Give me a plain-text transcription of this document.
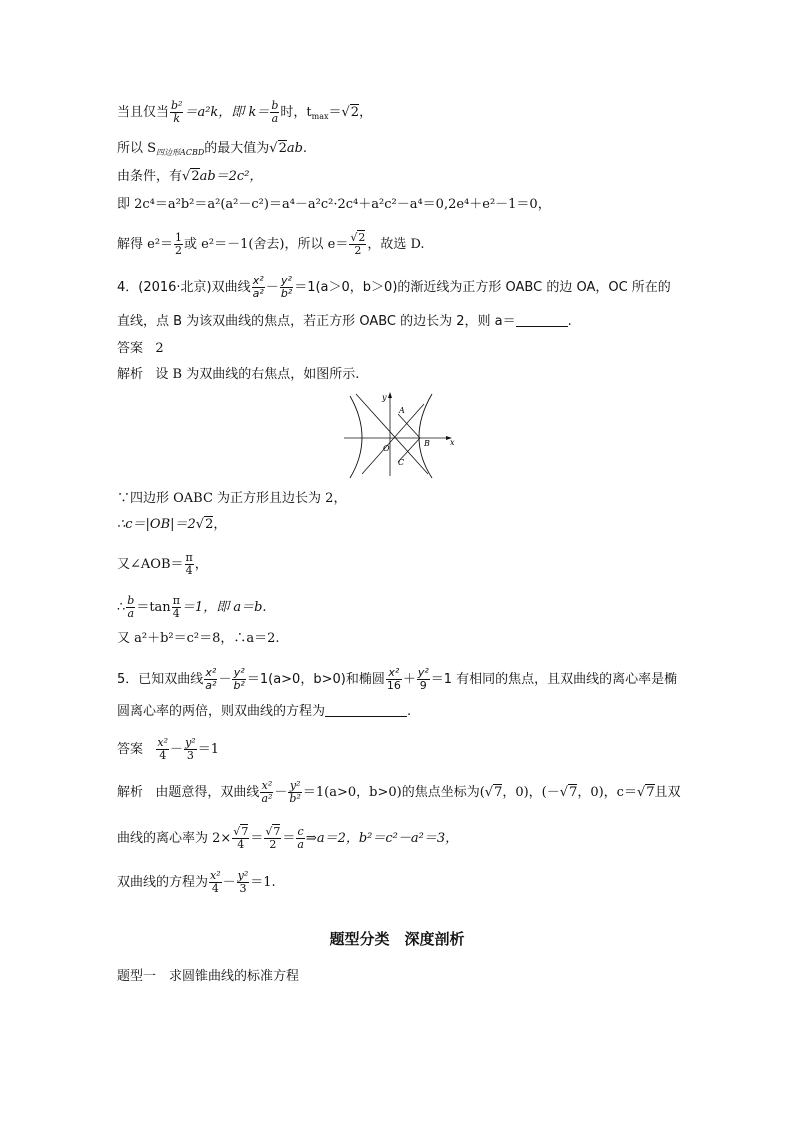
当且仅当 $\frac{\text{b²}}{k} =a^2k$，即 $k= \frac{b}{a}$ 时，$t_{max}=√2$，
所以 $S_{四边形ACBD}$的最大值为√2ab.
由条件，有√2ab＝2c²，
即 2c⁴＝a²b²＝a²(a²－c²)＝a⁴－a²c²·2c⁴＋a²c²－a⁴＝0,2e⁴＋e²－1＝0，
解得 $e^2= \frac{1}{2}$ 或 e²＝－1(舍去)，所以 $e= \frac{√2}{2}$ ，故选 D.
4．(2016·北京)双曲线 $\frac{\text{x²}}{\text{a²}} - \frac{\text{y²}}{\text{b²}} =1(a>0$，b＞0)的渐近线为正方形 OABC 的边 OA，OC 所在的
直线，点 B 为该双曲线的焦点，若正方形 OABC 的边长为 2，则 a＝	.
答案 2
解析 设 B 为双曲线的右焦点，如图所示.
y
x
A
B
C
O
∵四边形 OABC 为正方形且边长为 2，
∴c＝|OB|＝2√2，
又∠AOB＝ $\frac{\pi}{4}$ ，
∴ $\frac{b}{a} =\tan \frac{\pi}{4} =1$，即 a＝b.
又 a²＋b²＝c²＝8，∴a＝2.
5．已知双曲线 $\frac{\text{x²}}{\text{a²}} - \frac{\text{y²}}{\text{b²}} =1(a>0$，b>0)和椭圆 $\frac{\text{x²}}{16} + \frac{\text{y²}}{9} =1$ 有相同的焦点，且双曲线的离心率是椭
圆离心率的两倍，则双曲线的方程为	.
答案 $\frac{\text{x²}}{4} - \frac{\text{y²}}{3} =1$
解析 由题意得，双曲线 $\frac{\text{x²}}{\text{a²}} - \frac{\text{y²}}{\text{b²}} =1(a>0$，b>0)的焦点坐标为(√7，0)，(－√7，0)，c＝√7且双
曲线的离心率为 $2\times \frac{√7}{4} = \frac{√7}{2} = \frac{c}{a}$ ⇒a＝2，b²＝c²－a²＝3，
双曲线的方程为 $\frac{\text{x²}}{4} - \frac{\text{y²}}{3} =1$.
题型分类　深度剖析
题型一　求圆锥曲线的标准方程
